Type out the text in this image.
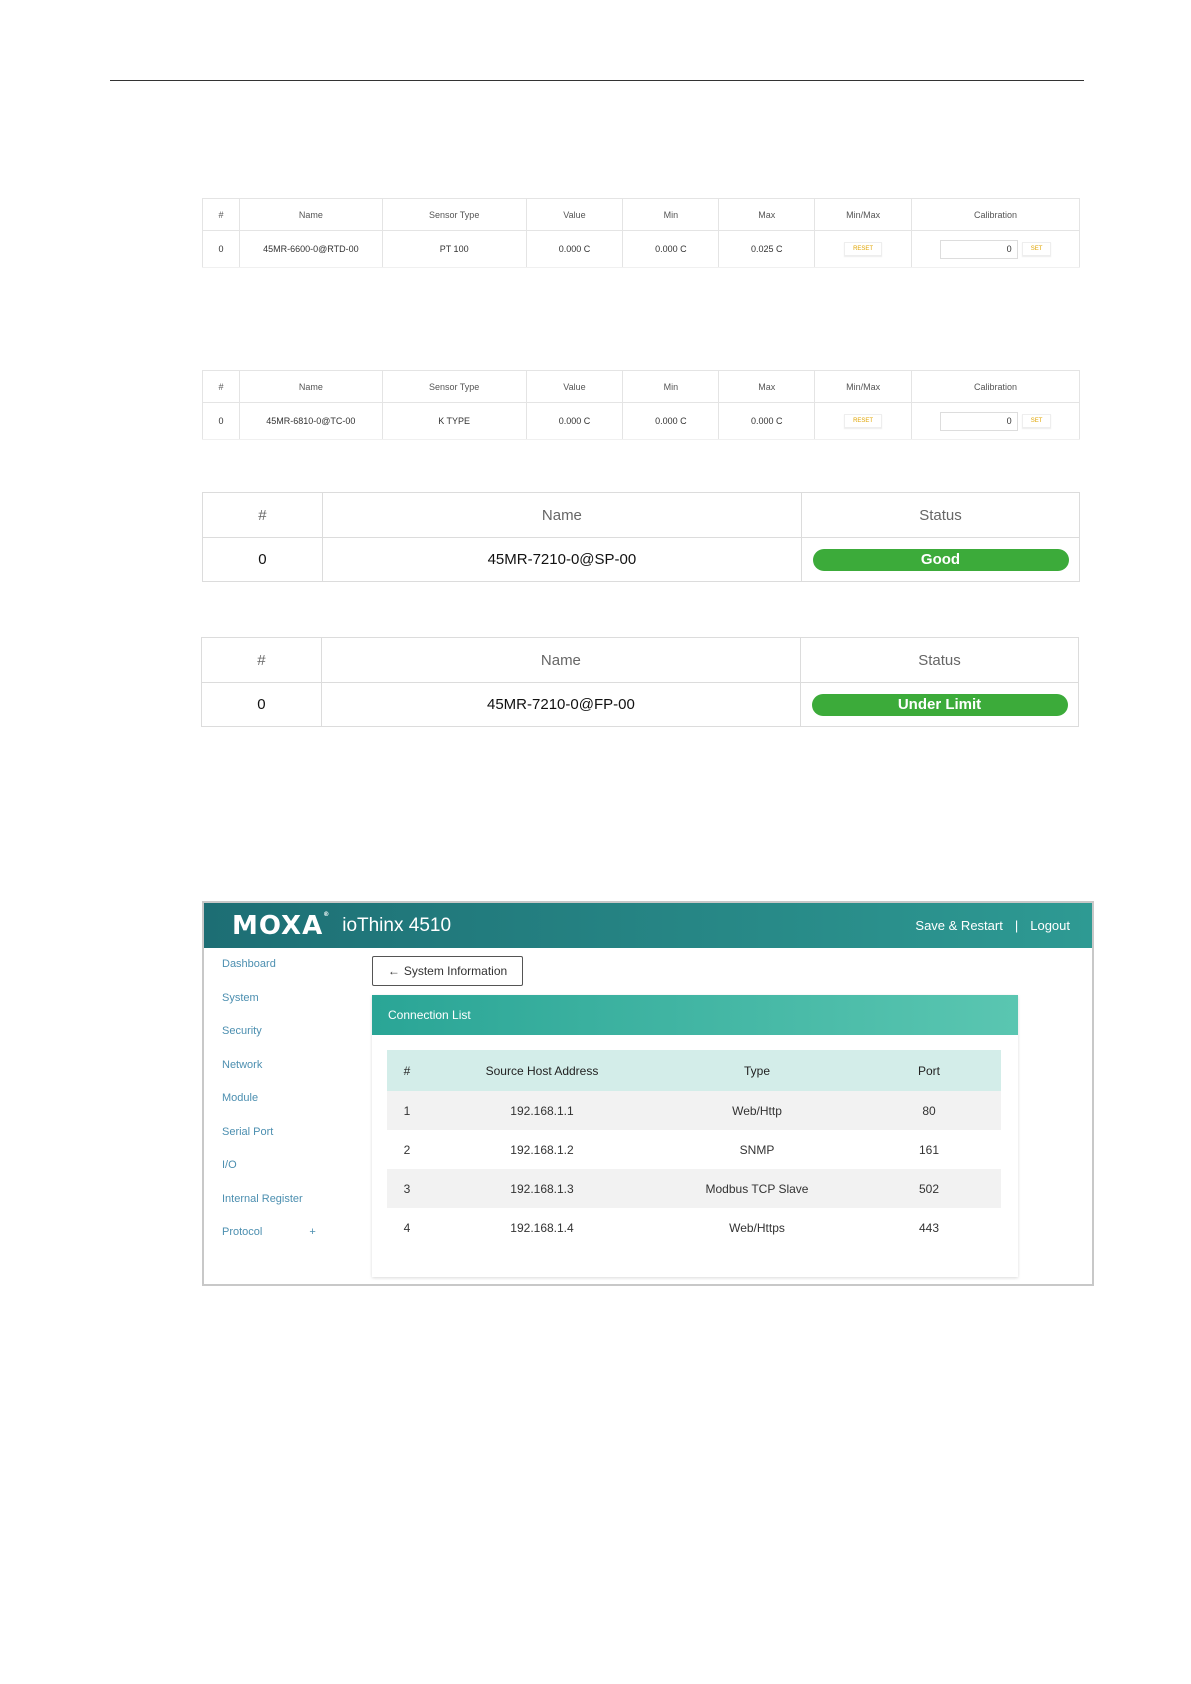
#	Name	Sensor Type	Value	Min	Max	Min/Max	Calibration
0	45MR-6600-0@RTD-00	PT 100	0.000 C	0.000 C	0.025 C	RESET	0 SET
#	Name	Sensor Type	Value	Min	Max	Min/Max	Calibration
0	45MR-6810-0@TC-00	K TYPE	0.000 C	0.000 C	0.000 C	RESET	0 SET
#	Name	Status
0	45MR-7210-0@SP-00	Good
#	Name	Status
0	45MR-7210-0@FP-00	Under Limit
MOXA®
ioThinx 4510	Save & Restart | Logout
Dashboard
System
Security
Network
Module
Serial Port
I/O
Internal Register
Protocol	+
← System Information
Connection List
#	Source Host Address	Type	Port
1	192.168.1.1	Web/Http	80
2	192.168.1.2	SNMP	161
3	192.168.1.3	Modbus TCP Slave	502
4	192.168.1.4	Web/Https	443
